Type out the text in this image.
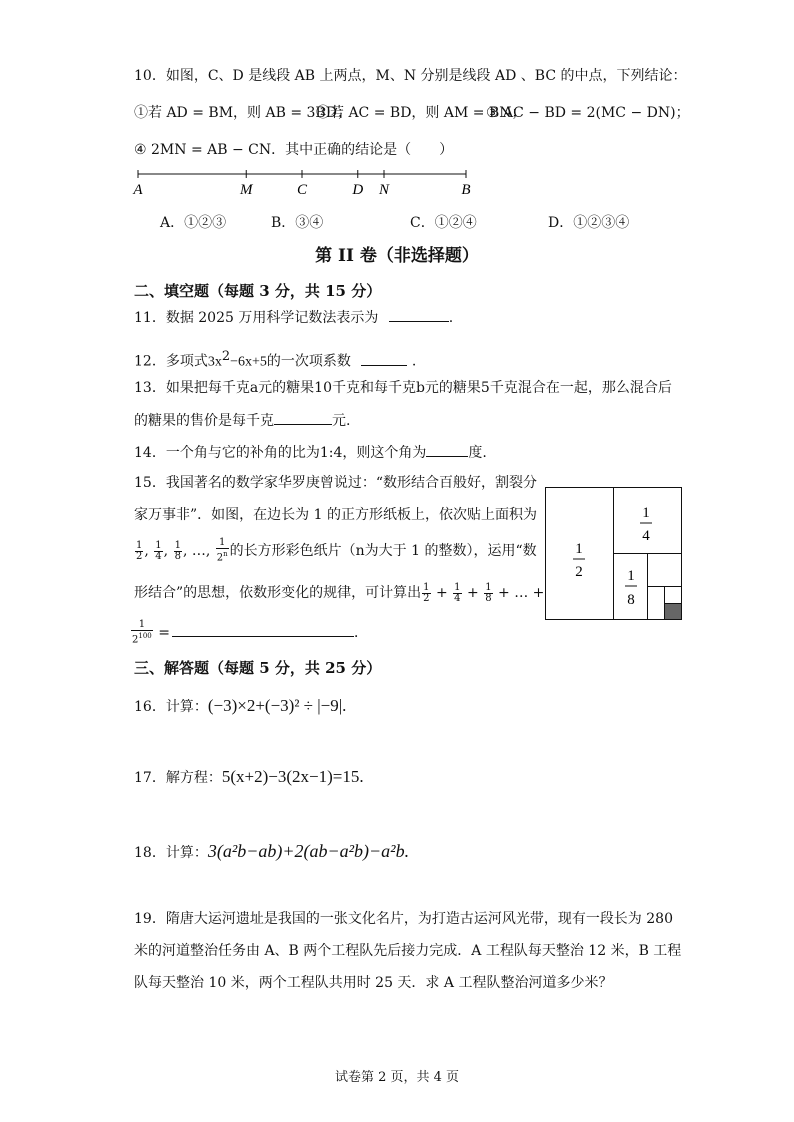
10．如图，C、D 是线段 AB 上两点，M、N 分别是线段 AD 、BC 的中点，下列结论：
①若 AD = BM，则 AB = 3BD；
②若 AC = BD，则 AM = BN；
③ AC − BD = 2(MC − DN)；
④ 2MN = AB − CN．其中正确的结论是（　　）
A	M	C	D N	B
A．①②③	B．③④	C．①②④	D．①②③④
第 II 卷（非选择题）
二、填空题（每题 3 分，共 15 分）
11．数据 2025 万用科学记数法表示为	.
12．多项式$3x^2-6x+5$的一次项系数	.
13．如果把每千克a元的糖果10千克和每千克b元的糖果5千克混合在一起，那么混合后
的糖果的售价是每千克	元.
14．一个角与它的补角的比为1:4，则这个角为	度.
15．我国著名的数学家华罗庚曾说过：“数形结合百般好，割裂分
家万事非”．如图，在边长为 1 的正方形纸板上，依次贴上面积为
$\frac{1}{2}$ , $\frac{1}{4}$ , $\frac{1}{8}$ , …, $\frac{1}{2^n}$ 的长方形彩色纸片（n为大于 1 的整数），运用“数
形结合”的思想，依数形变化的规律，可计算出 $\frac{1}{2} + \frac{1}{4} + \frac{1}{8}$ + … +
$\frac{1}{2^{100}}$ =	．
1
2
1
4
1
8
三、解答题（每题 5 分，共 25 分）
16．计算：(−3)×2+(−3)² ÷ |−9|.
17．解方程：5(x+2)−3(2x−1)=15.
18．计算：3(a²b−ab)+2(ab−a²b)−a²b.
19．隋唐大运河遗址是我国的一张文化名片，为打造古运河风光带，现有一段长为 280
米的河道整治任务由 A、B 两个工程队先后接力完成．A 工程队每天整治 12 米，B 工程
队每天整治 10 米，两个工程队共用时 25 天．求 A 工程队整治河道多少米？
试卷第 2 页，共 4 页
